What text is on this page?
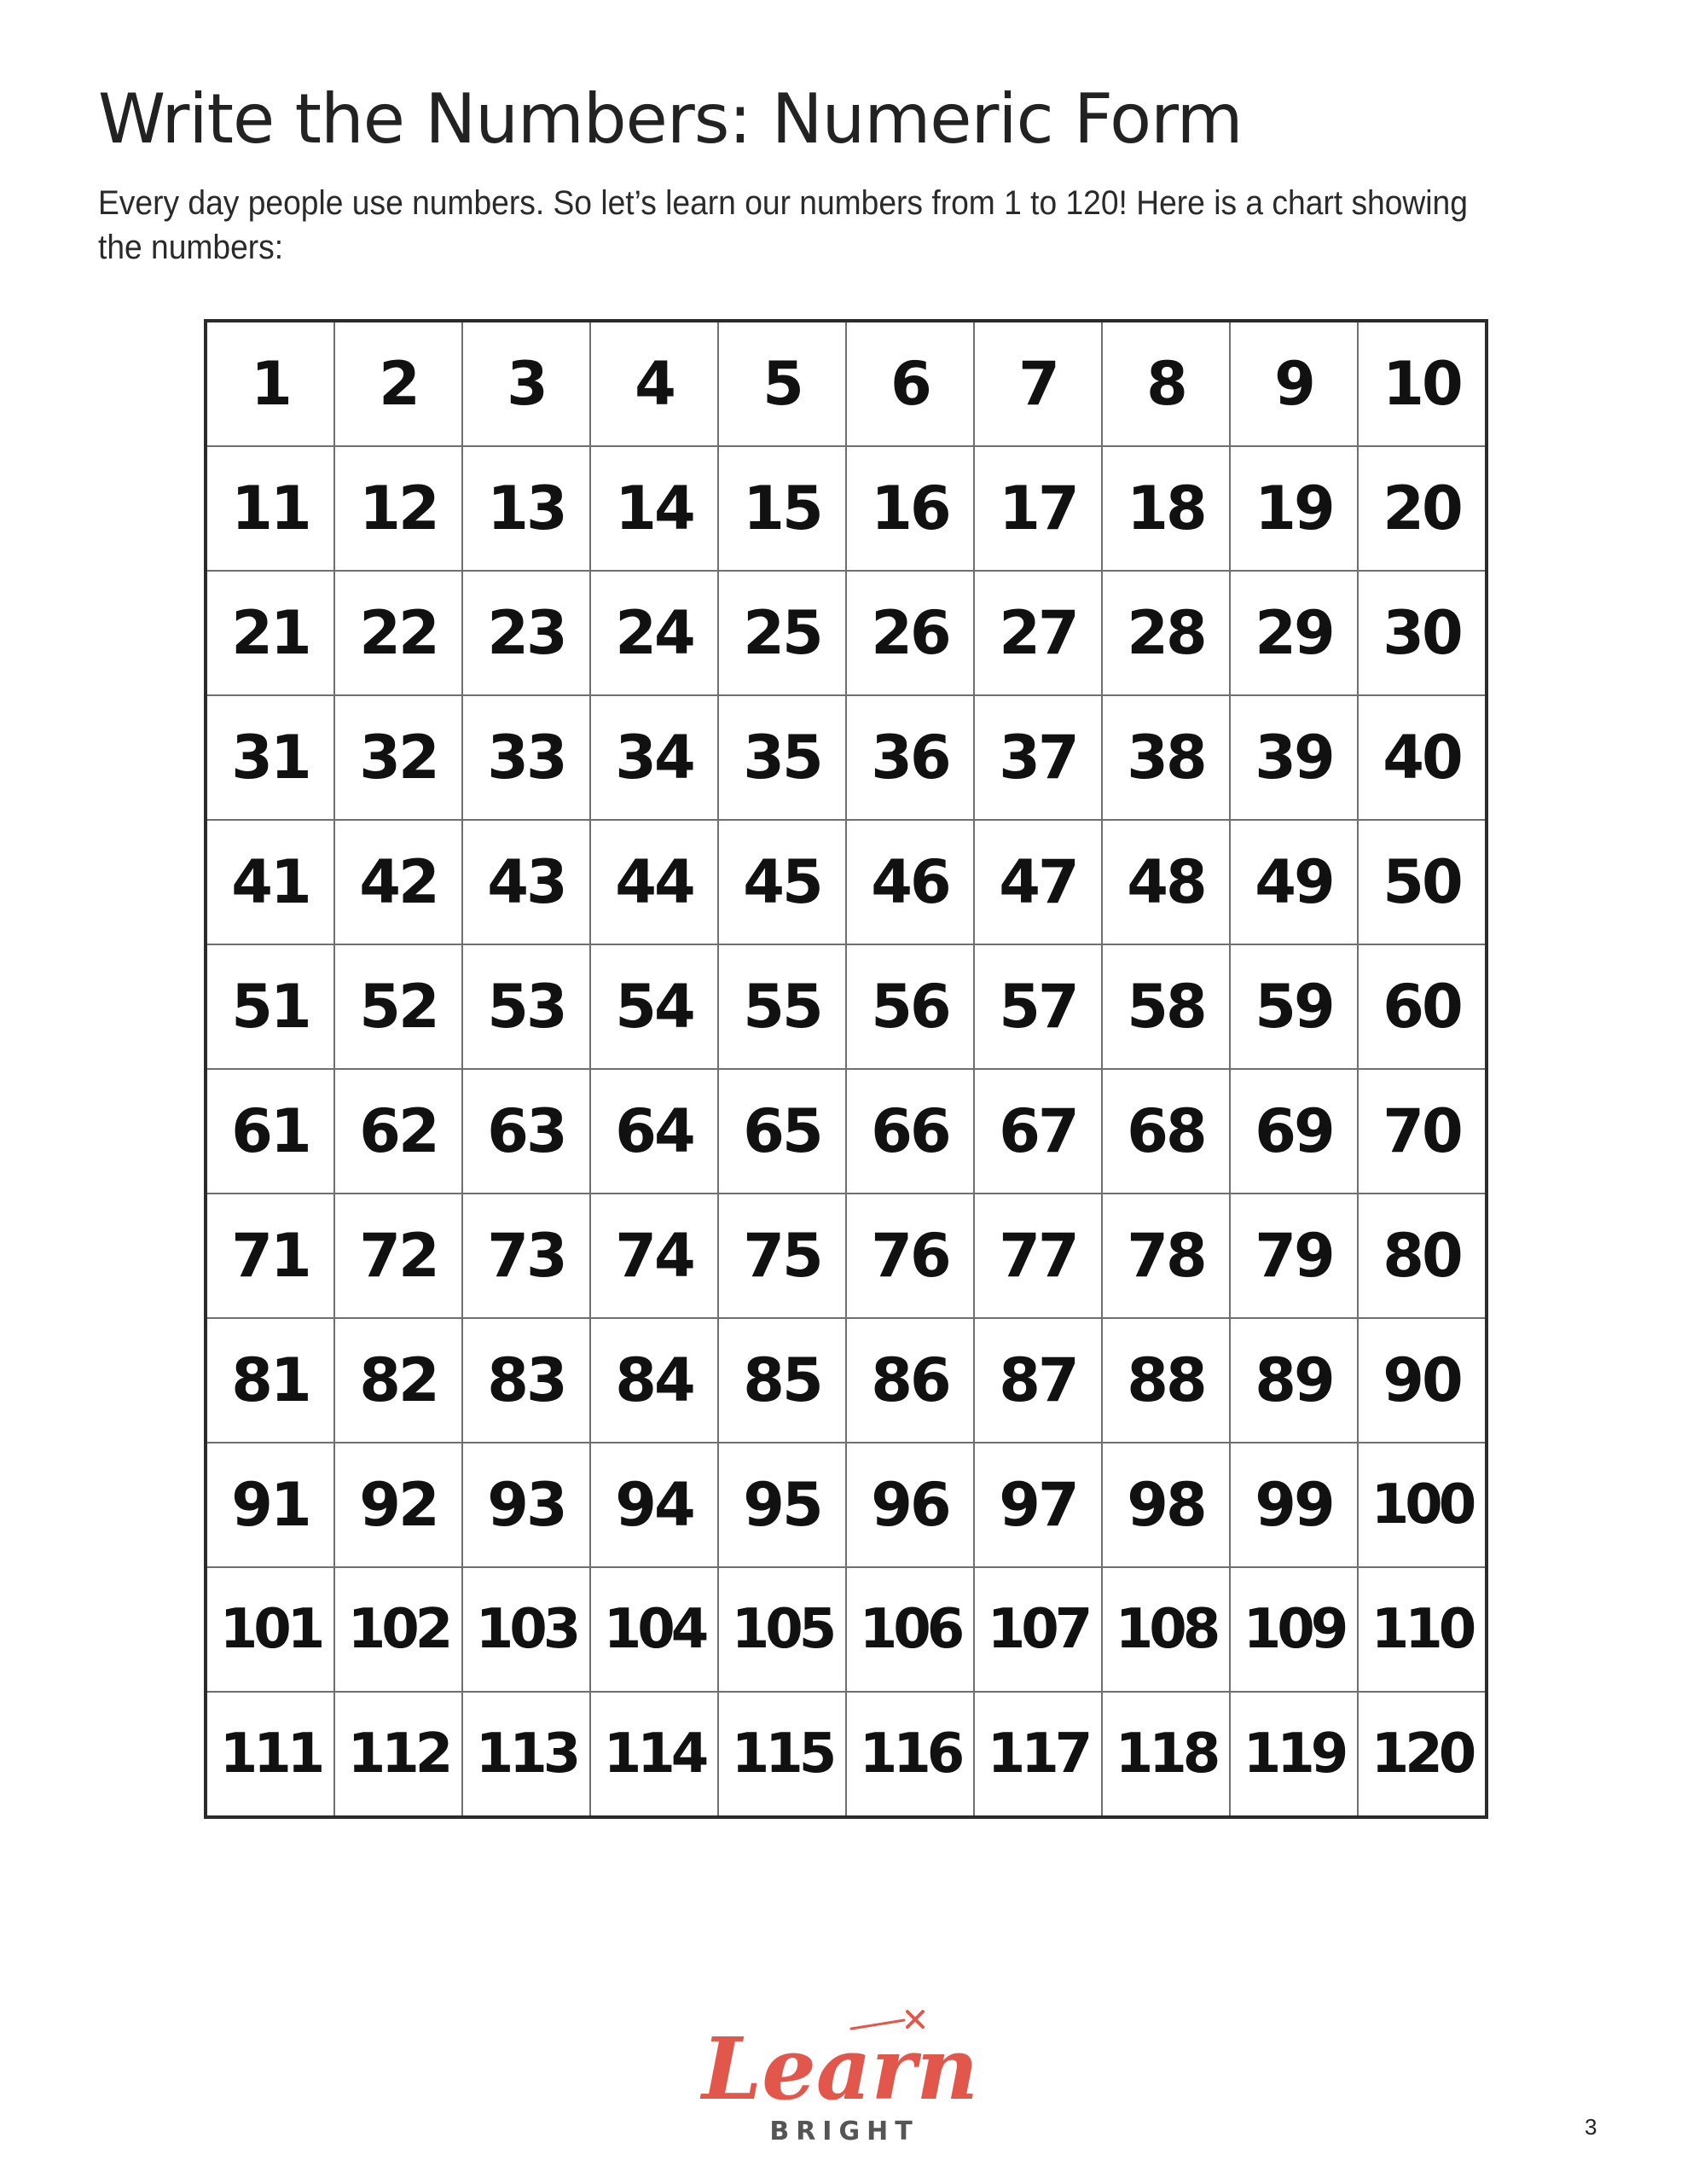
Write the Numbers: Numeric Form

Every day people use numbers. So let’s learn our numbers from 1 to 120! Here is a chart showing the numbers:

1	2	3	4	5	6	7	8	9	10
11	12	13	14	15	16	17	18	19	20
21	22	23	24	25	26	27	28	29	30
31	32	33	34	35	36	37	38	39	40
41	42	43	44	45	46	47	48	49	50
51	52	53	54	55	56	57	58	59	60
61	62	63	64	65	66	67	68	69	70
71	72	73	74	75	76	77	78	79	80
81	82	83	84	85	86	87	88	89	90
91	92	93	94	95	96	97	98	99	100
101	102	103	104	105	106	107	108	109	110
111	112	113	114	115	116	117	118	119	120
Learn
BRIGHT	3
